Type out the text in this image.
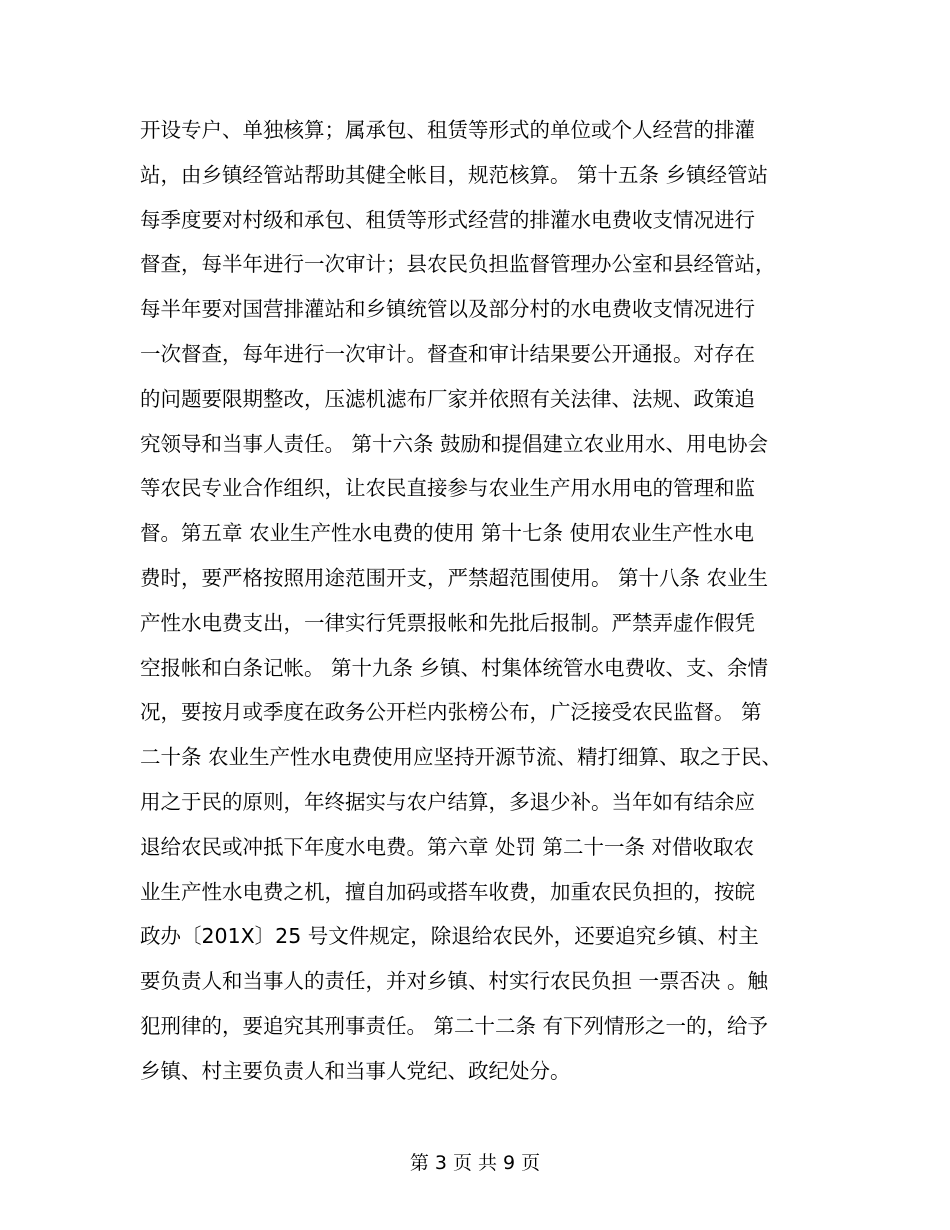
开设专户、单独核算；属承包、租赁等形式的单位或个人经营的排灌
站，由乡镇经管站帮助其健全帐目，规范核算。 第十五条 乡镇经管站
每季度要对村级和承包、租赁等形式经营的排灌水电费收支情况进行
督查，每半年进行一次审计；县农民负担监督管理办公室和县经管站，
每半年要对国营排灌站和乡镇统管以及部分村的水电费收支情况进行
一次督查，每年进行一次审计。督查和审计结果要公开通报。对存在
的问题要限期整改，压滤机滤布厂家并依照有关法律、法规、政策追
究领导和当事人责任。 第十六条 鼓励和提倡建立农业用水、用电协会
等农民专业合作组织，让农民直接参与农业生产用水用电的管理和监
督。第五章 农业生产性水电费的使用 第十七条 使用农业生产性水电
费时，要严格按照用途范围开支，严禁超范围使用。 第十八条 农业生
产性水电费支出，一律实行凭票报帐和先批后报制。严禁弄虚作假凭
空报帐和白条记帐。 第十九条 乡镇、村集体统管水电费收、支、余情
况，要按月或季度在政务公开栏内张榜公布，广泛接受农民监督。 第
二十条 农业生产性水电费使用应坚持开源节流、精打细算、取之于民、
用之于民的原则，年终据实与农户结算，多退少补。当年如有结余应
退给农民或冲抵下年度水电费。第六章 处罚 第二十一条 对借收取农
业生产性水电费之机，擅自加码或搭车收费，加重农民负担的，按皖
政办〔201X〕25 号文件规定，除退给农民外，还要追究乡镇、村主
要负责人和当事人的责任，并对乡镇、村实行农民负担 一票否决 。触
犯刑律的，要追究其刑事责任。 第二十二条 有下列情形之一的，给予
乡镇、村主要负责人和当事人党纪、政纪处分。
第 3 页 共 9 页
